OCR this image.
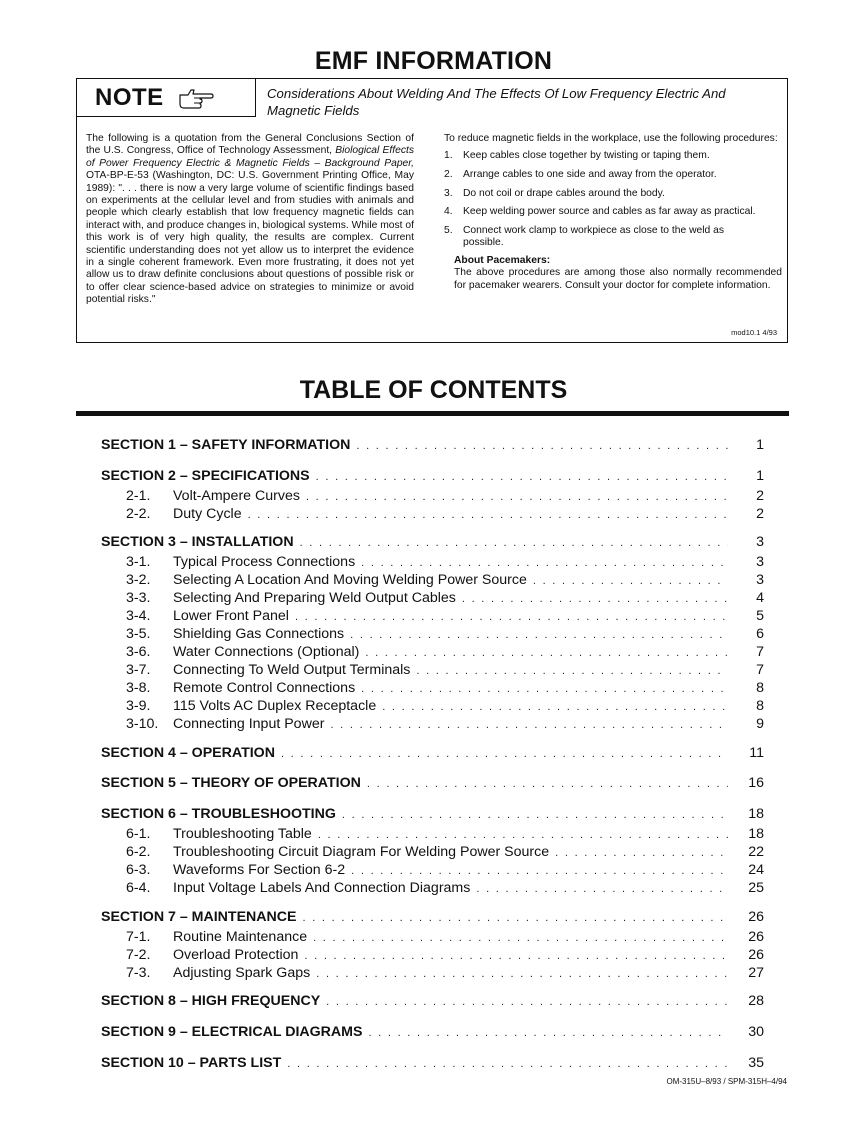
EMF INFORMATION
NOTE	Considerations About Welding And The Effects Of Low Frequency Electric And Magnetic Fields
The following is a quotation from the General Conclusions Section of the U.S. Congress, Office of Technology Assessment, Biological Effects of Power Frequency Electric & Magnetic Fields – Background Paper, OTA-BP-E-53 (Washington, DC: U.S. Government Printing Office, May 1989): ". . . there is now a very large volume of scientific findings based on experiments at the cellular level and from studies with animals and people which clearly establish that low frequency magnetic fields can interact with, and produce changes in, biological systems. While most of this work is of very high quality, the results are complex. Current scientific understanding does not yet allow us to interpret the evidence in a single coherent framework. Even more frustrating, it does not yet allow us to draw definite conclusions about questions of possible risk or to offer clear science-based advice on strategies to minimize or avoid potential risks."
To reduce magnetic fields in the workplace, use the following procedures:
1. Keep cables close together by twisting or taping them.
2. Arrange cables to one side and away from the operator.
3. Do not coil or drape cables around the body.
4. Keep welding power source and cables as far away as practical.
5. Connect work clamp to workpiece as close to the weld as possible.
About Pacemakers:
The above procedures are among those also normally recommended for pacemaker wearers. Consult your doctor for complete information.
mod10.1 4/93
TABLE OF CONTENTS
SECTION 1 – SAFETY INFORMATION . . .	1
SECTION 2 – SPECIFICATIONS . . .	1
2-1.	Volt-Ampere Curves . . .	2
2-2.	Duty Cycle . . .	2
SECTION 3 – INSTALLATION . . .	3
3-1.	Typical Process Connections . . .	3
3-2.	Selecting A Location And Moving Welding Power Source . . .	3
3-3.	Selecting And Preparing Weld Output Cables . . .	4
3-4.	Lower Front Panel . . .	5
3-5.	Shielding Gas Connections . . .	6
3-6.	Water Connections (Optional) . . .	7
3-7.	Connecting To Weld Output Terminals . . .	7
3-8.	Remote Control Connections . . .	8
3-9.	115 Volts AC Duplex Receptacle . . .	8
3-10.	Connecting Input Power . . .	9
SECTION 4 – OPERATION . . .	11
SECTION 5 – THEORY OF OPERATION . . .	16
SECTION 6 – TROUBLESHOOTING . . .	18
6-1.	Troubleshooting Table . . .	18
6-2.	Troubleshooting Circuit Diagram For Welding Power Source . . .	22
6-3.	Waveforms For Section 6-2 . . .	24
6-4.	Input Voltage Labels And Connection Diagrams . . .	25
SECTION 7 – MAINTENANCE . . .	26
7-1.	Routine Maintenance . . .	26
7-2.	Overload Protection . . .	26
7-3.	Adjusting Spark Gaps . . .	27
SECTION 8 – HIGH FREQUENCY . . .	28
SECTION 9 – ELECTRICAL DIAGRAMS . . .	30
SECTION 10 – PARTS LIST . . .	35
OM-315U–8/93 / SPM-315H–4/94
